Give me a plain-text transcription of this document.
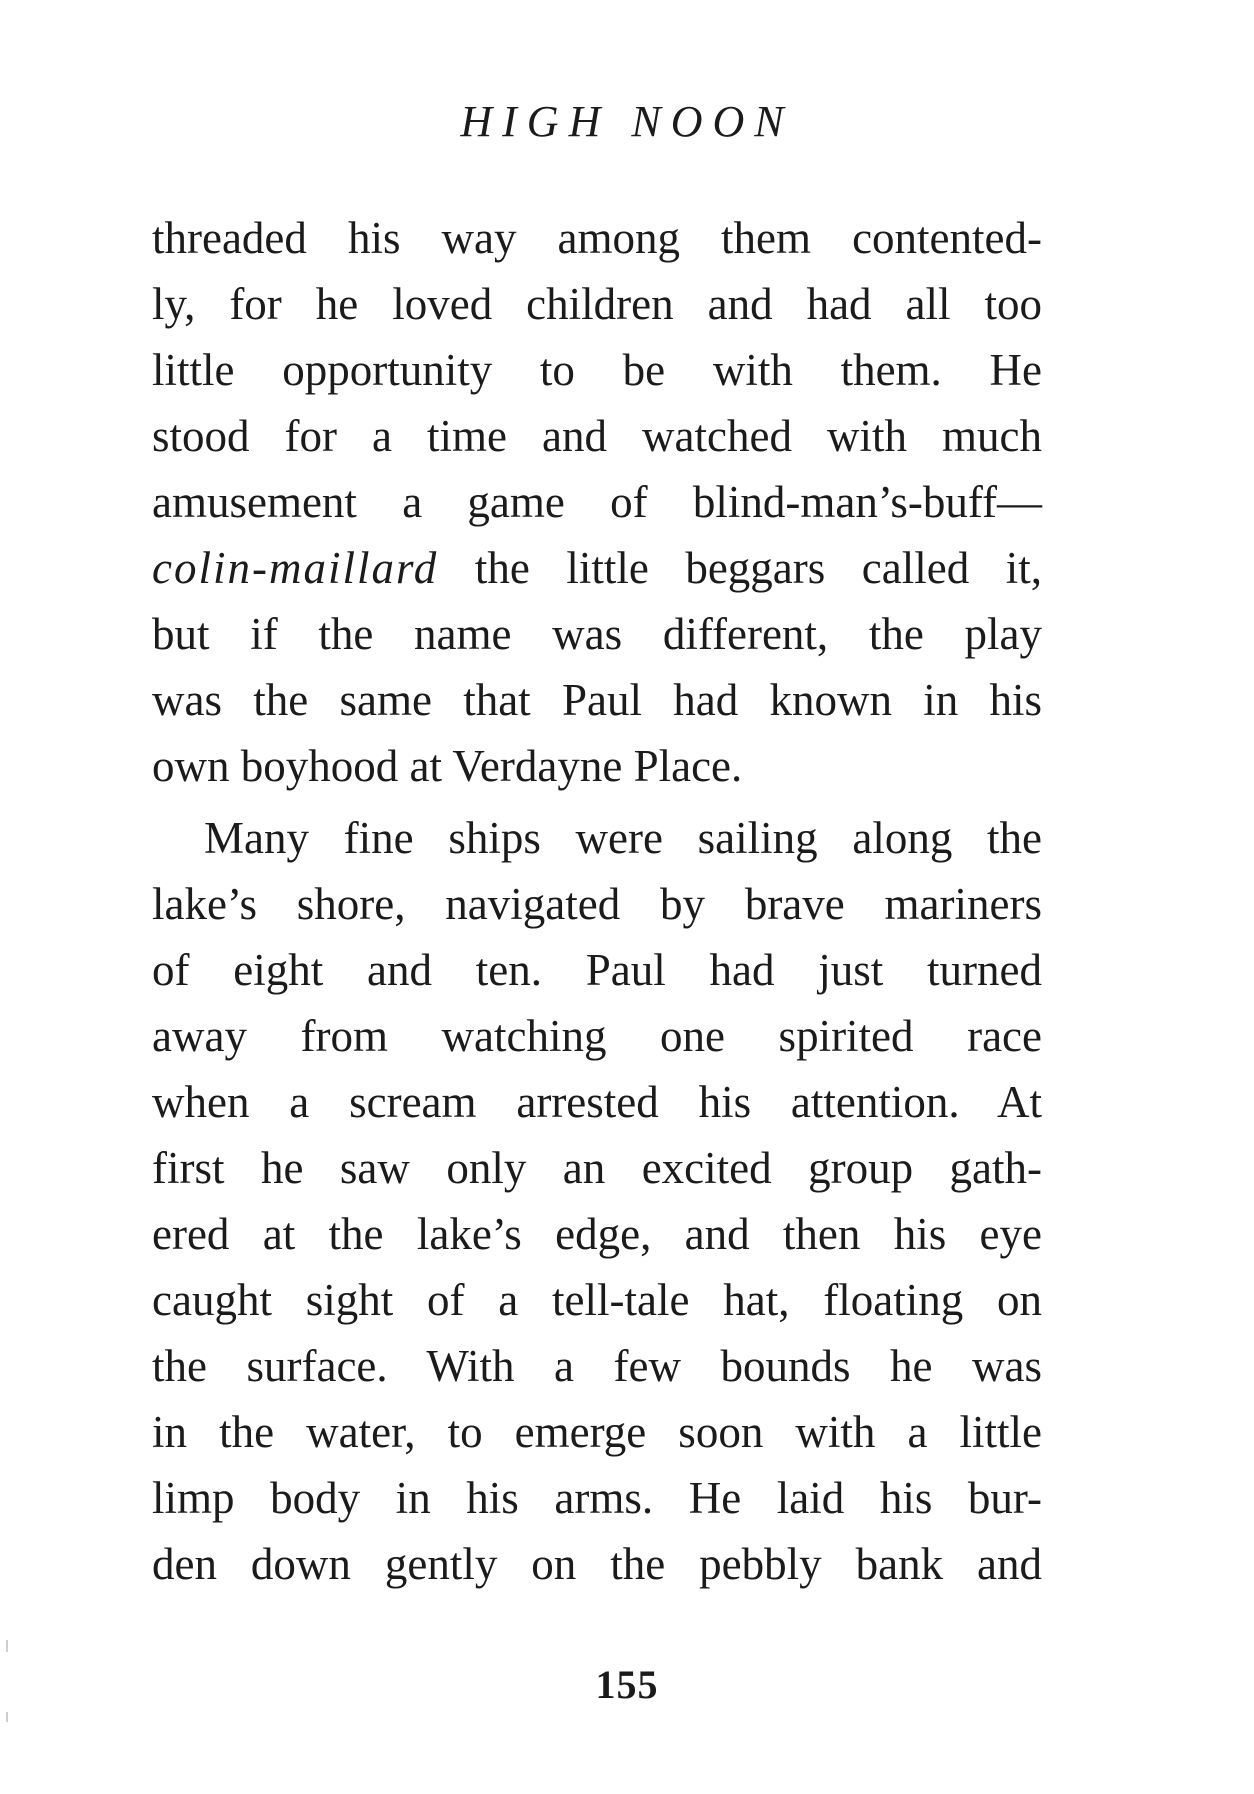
HIGH NOON
threaded his way among them contented-
ly, for he loved children and had all too
little opportunity to be with them. He
stood for a time and watched with much
amusement a game of blind-man’s-buff—
colin-maillard the little beggars called it,
but if the name was different, the play
was the same that Paul had known in his
own boyhood at Verdayne Place.
Many fine ships were sailing along the
lake’s shore, navigated by brave mariners
of eight and ten. Paul had just turned
away from watching one spirited race
when a scream arrested his attention. At
first he saw only an excited group gath-
ered at the lake’s edge, and then his eye
caught sight of a tell-tale hat, floating on
the surface. With a few bounds he was
in the water, to emerge soon with a little
limp body in his arms. He laid his bur-
den down gently on the pebbly bank and
155
